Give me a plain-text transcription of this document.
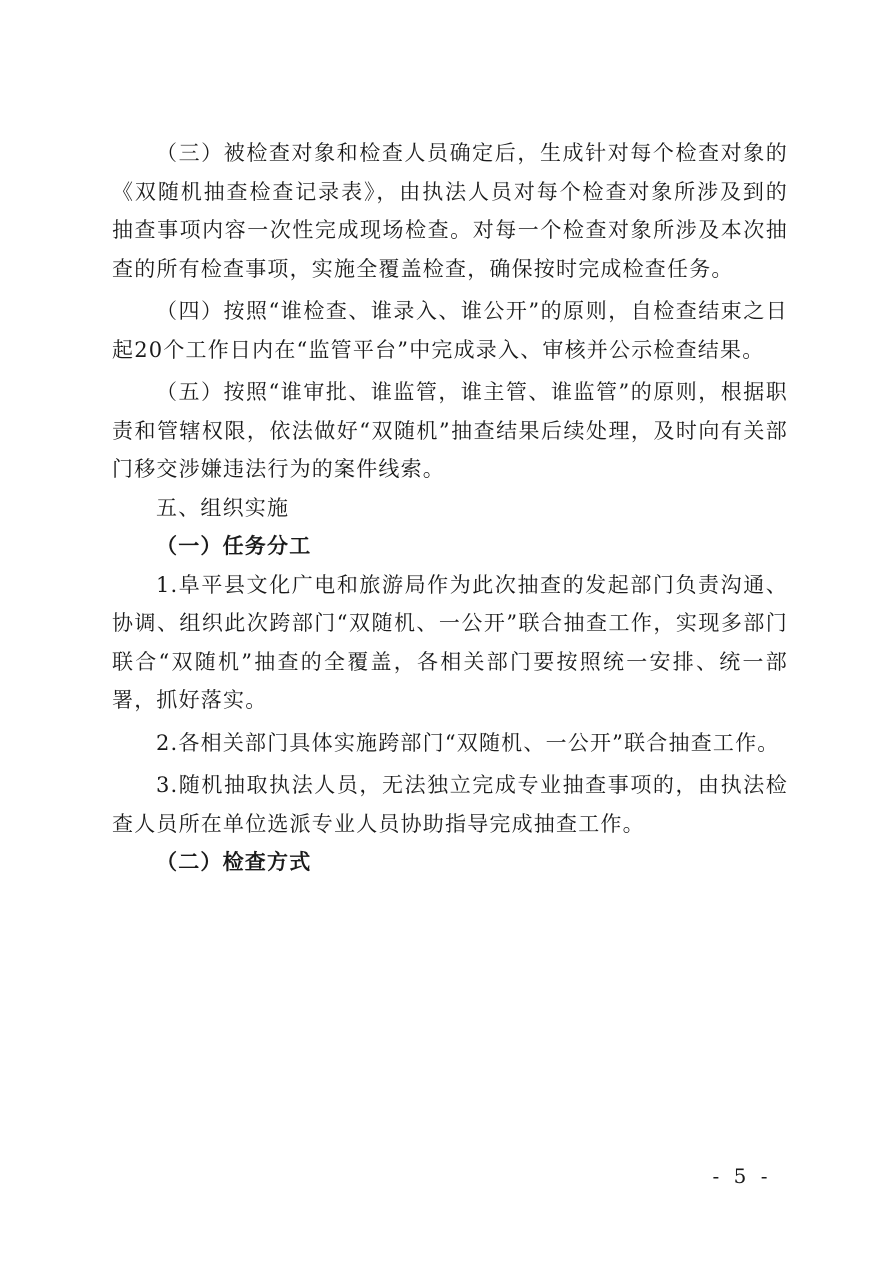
（三）被检查对象和检查人员确定后，生成针对每个检查对象的《双随机抽查检查记录表》，由执法人员对每个检查对象所涉及到的抽查事项内容一次性完成现场检查。对每一个检查对象所涉及本次抽查的所有检查事项，实施全覆盖检查，确保按时完成检查任务。

（四）按照“谁检查、谁录入、谁公开”的原则，自检查结束之日起20个工作日内在“监管平台”中完成录入、审核并公示检查结果。

（五）按照“谁审批、谁监管，谁主管、谁监管”的原则，根据职责和管辖权限，依法做好“双随机”抽查结果后续处理，及时向有关部门移交涉嫌违法行为的案件线索。

五、组织实施

（一）任务分工

1.阜平县文化广电和旅游局作为此次抽查的发起部门负责沟通、协调、组织此次跨部门“双随机、一公开”联合抽查工作，实现多部门联合“双随机”抽查的全覆盖，各相关部门要按照统一安排、统一部署，抓好落实。

2.各相关部门具体实施跨部门“双随机、一公开”联合抽查工作。

3.随机抽取执法人员，无法独立完成专业抽查事项的，由执法检查人员所在单位选派专业人员协助指导完成抽查工作。

（二）检查方式

- 5 -
